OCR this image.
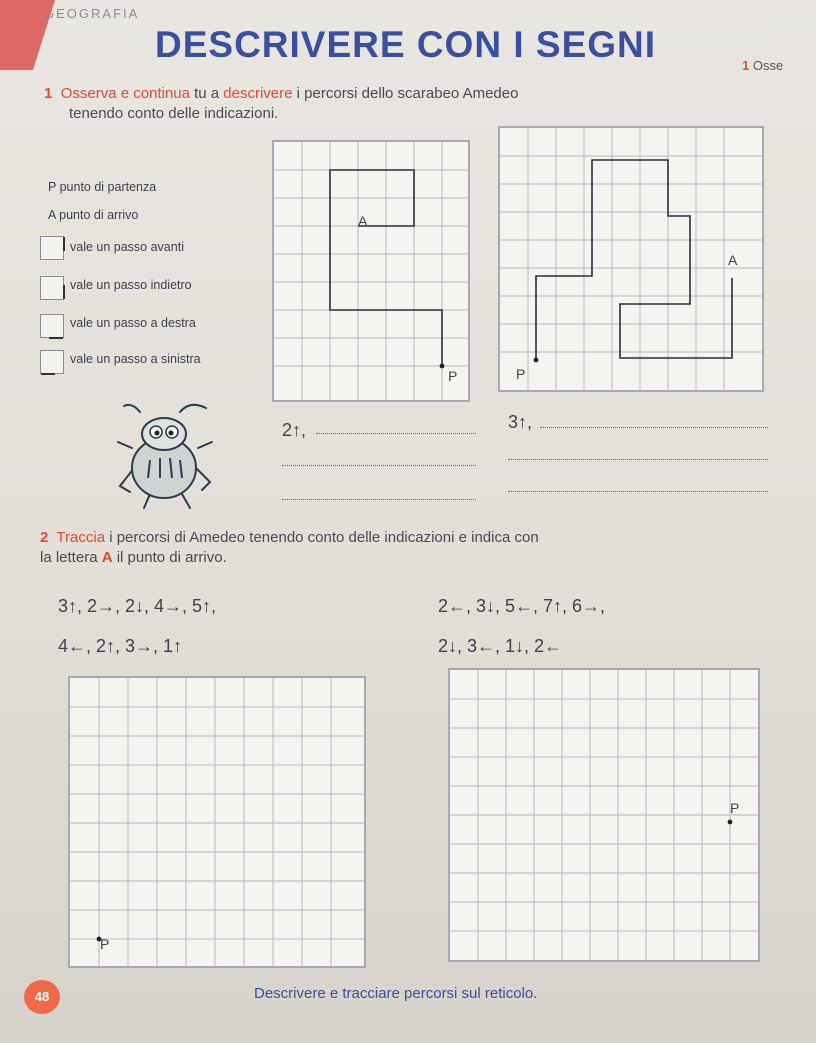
GEOGRAFIA
DESCRIVERE CON I SEGNI
1 Osse
1 Osserva e continua tu a descrivere i percorsi dello scarabeo Amedeo
tenendo conto delle indicazioni.
P punto di partenza
A punto di arrivo
vale un passo avanti
vale un passo indietro
vale un passo a destra
vale un passo a sinistra
P
A
P
A
2↑,	3↑,
2 Traccia i percorsi di Amedeo tenendo conto delle indicazioni e indica con
la lettera A il punto di arrivo.
3↑, 2→, 2↓, 4→, 5↑,
4←, 2↑, 3→, 1↑
2←, 3↓, 5←, 7↑, 6→,
2↓, 3←, 1↓, 2←
P
P
48	Descrivere e tracciare percorsi sul reticolo.
